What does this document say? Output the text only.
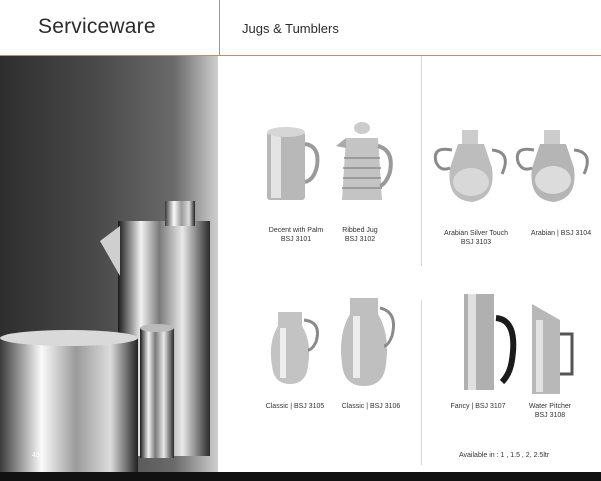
Serviceware	Jugs & Tumblers
49
Decent with Palm
BSJ 3101
Ribbed Jug
BSJ 3102
Arabian Silver Touch
BSJ 3103
Arabian | BSJ 3104
Classic | BSJ 3105	Classic | BSJ 3106	Fancy | BSJ 3107	Water Pitcher
BSJ 3108
Available in : 1 , 1.5 , 2, 2.5ltr
